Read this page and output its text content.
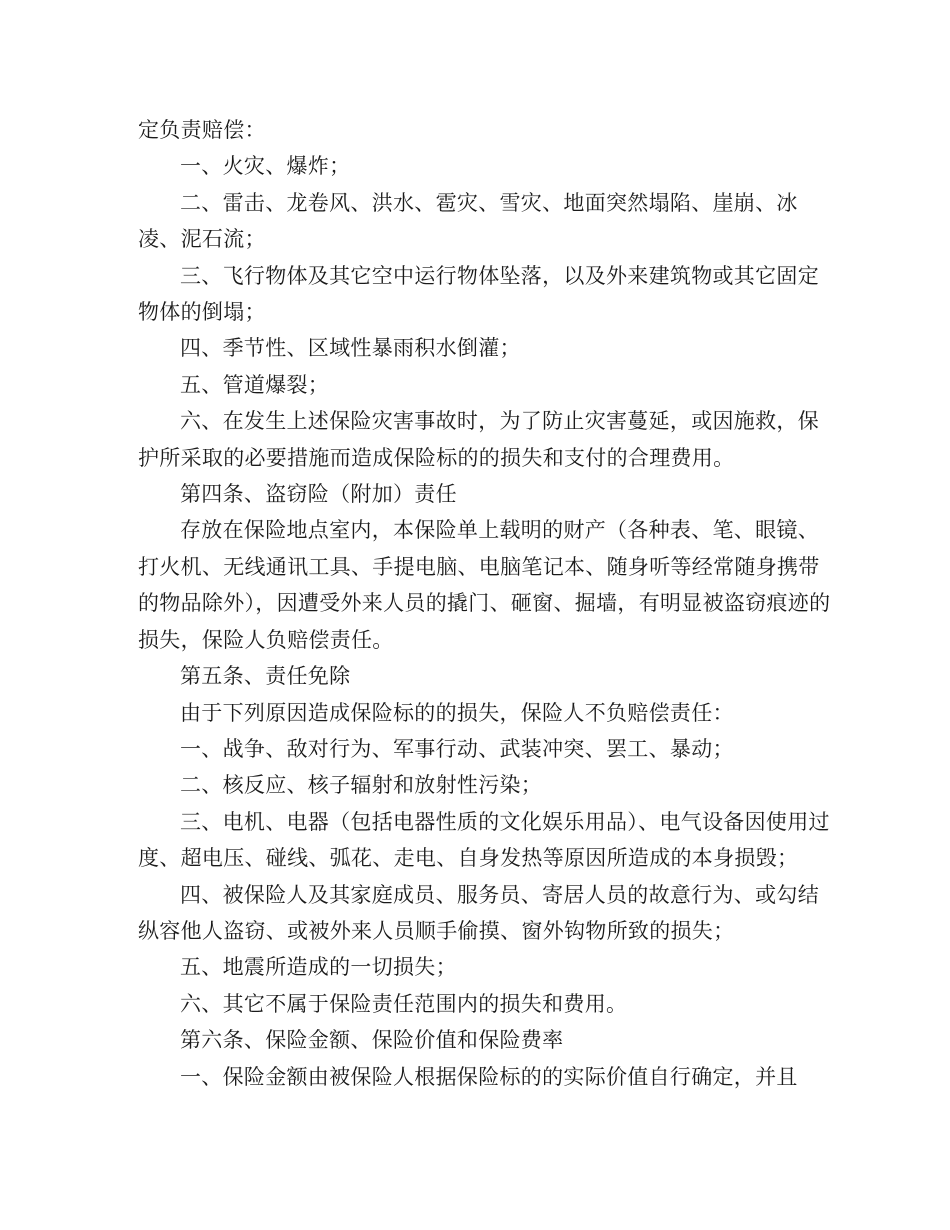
定负责赔偿：

一、火灾、爆炸；

二、雷击、龙卷风、洪水、雹灾、雪灾、地面突然塌陷、崖崩、冰凌、泥石流；

三、飞行物体及其它空中运行物体坠落，以及外来建筑物或其它固定物体的倒塌；

四、季节性、区域性暴雨积水倒灌；

五、管道爆裂；

六、在发生上述保险灾害事故时，为了防止灾害蔓延，或因施救，保护所采取的必要措施而造成保险标的的损失和支付的合理费用。

第四条、盗窃险（附加）责任

存放在保险地点室内，本保险单上载明的财产（各种表、笔、眼镜、打火机、无线通讯工具、手提电脑、电脑笔记本、随身听等经常随身携带的物品除外），因遭受外来人员的撬门、砸窗、掘墙，有明显被盗窃痕迹的损失，保险人负赔偿责任。

第五条、责任免除

由于下列原因造成保险标的的损失，保险人不负赔偿责任：

一、战争、敌对行为、军事行动、武装冲突、罢工、暴动；

二、核反应、核子辐射和放射性污染；

三、电机、电器（包括电器性质的文化娱乐用品）、电气设备因使用过度、超电压、碰线、弧花、走电、自身发热等原因所造成的本身损毁；

四、被保险人及其家庭成员、服务员、寄居人员的故意行为、或勾结纵容他人盗窃、或被外来人员顺手偷摸、窗外钩物所致的损失；

五、地震所造成的一切损失；

六、其它不属于保险责任范围内的损失和费用。

第六条、保险金额、保险价值和保险费率

一、保险金额由被保险人根据保险标的的实际价值自行确定，并且
